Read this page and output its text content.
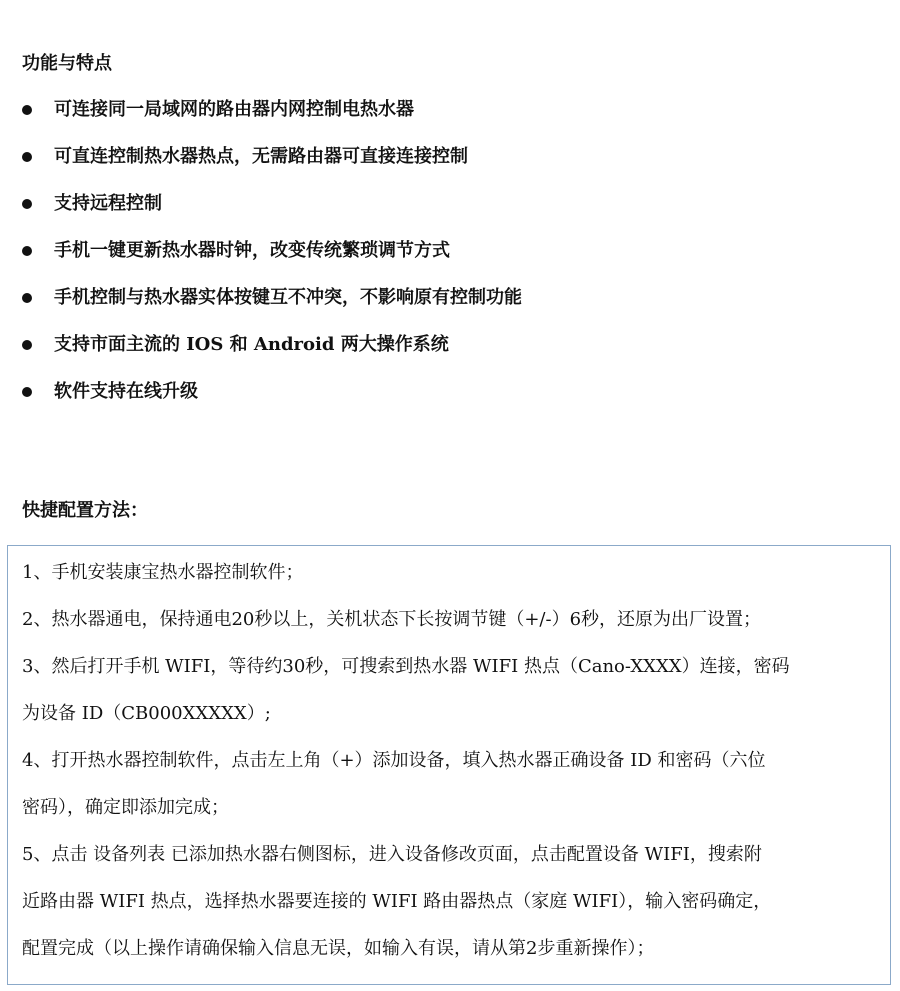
功能与特点
可连接同一局域网的路由器内网控制电热水器
可直连控制热水器热点，无需路由器可直接连接控制
支持远程控制
手机一键更新热水器时钟，改变传统繁琐调节方式
手机控制与热水器实体按键互不冲突，不影响原有控制功能
支持市面主流的 IOS 和 Android 两大操作系统
软件支持在线升级
快捷配置方法：

1、手机安装康宝热水器控制软件；

2、热水器通电，保持通电20秒以上，关机状态下长按调节键（+/-）6秒，还原为出厂设置；

3、然后打开手机 WIFI，等待约30秒，可搜索到热水器 WIFI 热点（Cano-XXXX）连接，密码

为设备 ID（CB000XXXXX）;

4、打开热水器控制软件，点击左上角（+）添加设备，填入热水器正确设备 ID 和密码（六位

密码），确定即添加完成；

5、点击 设备列表 已添加热水器右侧图标，进入设备修改页面，点击配置设备 WIFI，搜索附

近路由器 WIFI 热点，选择热水器要连接的 WIFI 路由器热点（家庭 WIFI），输入密码确定，

配置完成（以上操作请确保输入信息无误，如输入有误，请从第2步重新操作）；
